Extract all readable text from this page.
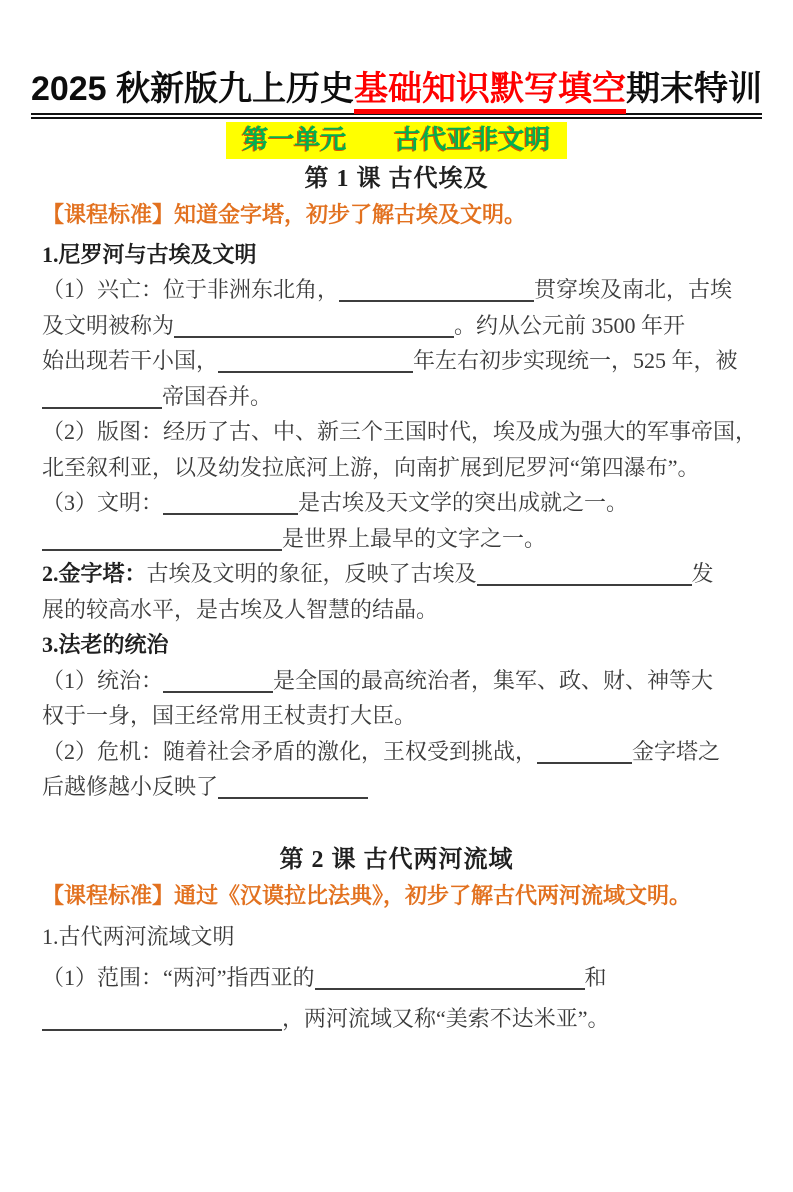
2025 秋新版九上历史基础知识默写填空期末特训
第一单元 古代亚非文明
第 1 课 古代埃及

【课程标准】知道金字塔，初步了解古埃及文明。

1.尼罗河与古埃及文明

（1）兴亡：位于非洲东北角，	贯穿埃及南北，古埃

及文明被称为	。约从公元前 3500 年开

始出现若干小国，	年左右初步实现统一，525 年，被

帝国吞并。

（2）版图：经历了古、中、新三个王国时代，埃及成为强大的军事帝国，

北至叙利亚，以及幼发拉底河上游，向南扩展到尼罗河“第四瀑布”。

（3）文明：	是古埃及天文学的突出成就之一。

是世界上最早的文字之一。

2.金字塔：古埃及文明的象征，反映了古埃及	发

展的较高水平，是古埃及人智慧的结晶。

3.法老的统治

（1）统治：	是全国的最高统治者，集军、政、财、神等大

权于一身，国王经常用王杖责打大臣。

（2）危机：随着社会矛盾的激化，王权受到挑战，	金字塔之

后越修越小反映了

第 2 课 古代两河流域

【课程标准】通过《汉谟拉比法典》，初步了解古代两河流域文明。

1.古代两河流域文明

（1）范围：“两河”指西亚的	和

，两河流域又称“美索不达米亚”。
